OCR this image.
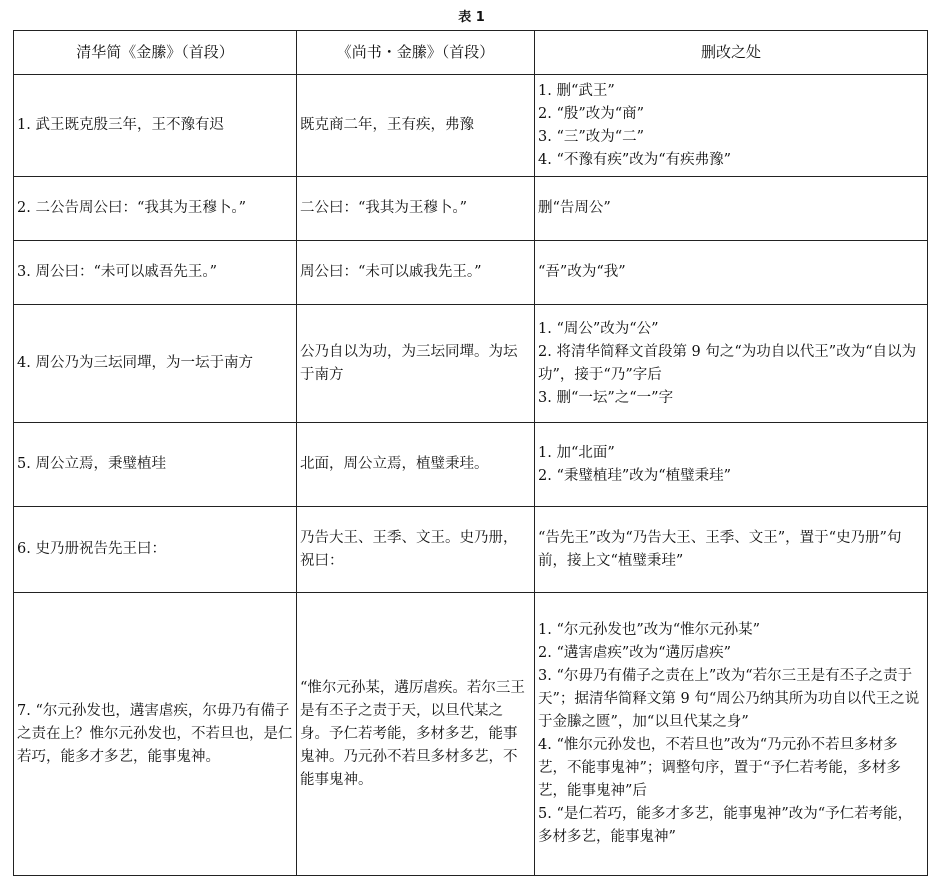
表 1
清华简《金縢》（首段）	《尚书・金縢》（首段）	删改之处
1. 武王既克殷三年，王不豫有迟	既克商二年，王有疾，弗豫	1. 删“武王”
2. “殷”改为“商”
3. “三”改为“二”
4. “不豫有疾”改为“有疾弗豫”

2. 二公告周公曰：“我其为王穆卜。”	二公曰：“我其为王穆卜。”	删“告周公”

3. 周公曰：“未可以戚吾先王。”	周公曰：“未可以戚我先王。”	“吾”改为“我”

4. 周公乃为三坛同墠，为一坛于南方	公乃自以为功，为三坛同墠。为坛于南方	1. “周公”改为“公”
2. 将清华简释文首段第 9 句之“为功自以代王”改为“自以为功”，接于“乃”字后
3. 删“一坛”之“一”字

5. 周公立焉，秉璧植珪	北面，周公立焉，植璧秉珪。	1. 加“北面”
2. “秉璧植珪”改为“植璧秉珪”

6. 史乃册祝告先王曰：	乃告大王、王季、文王。史乃册，祝曰：	“告先王”改为“乃告大王、王季、文王”，置于“史乃册”句前，接上文“植璧秉珪”

7. “尔元孙发也，遘害虐疾，尔毋乃有備子之责在上？惟尔元孙发也，不若旦也，是仁若巧，能多才多艺，能事鬼神。	“惟尔元孙某，遘厉虐疾。若尔三王是有丕子之责于天，以旦代某之身。予仁若考能，多材多艺，能事鬼神。乃元孙不若旦多材多艺，不能事鬼神。	1. “尔元孙发也”改为“惟尔元孙某”
2. “遘害虐疾”改为“遘厉虐疾”
3. “尔毋乃有備子之责在上”改为“若尔三王是有丕子之责于天”；据清华简释文第 9 句“周公乃纳其所为功自以代王之说于金縢之匮”，加“以旦代某之身”
4. “惟尔元孙发也，不若旦也”改为“乃元孙不若旦多材多艺，不能事鬼神”；调整句序，置于“予仁若考能，多材多艺，能事鬼神”后
5. “是仁若巧，能多才多艺，能事鬼神”改为“予仁若考能，多材多艺，能事鬼神”
